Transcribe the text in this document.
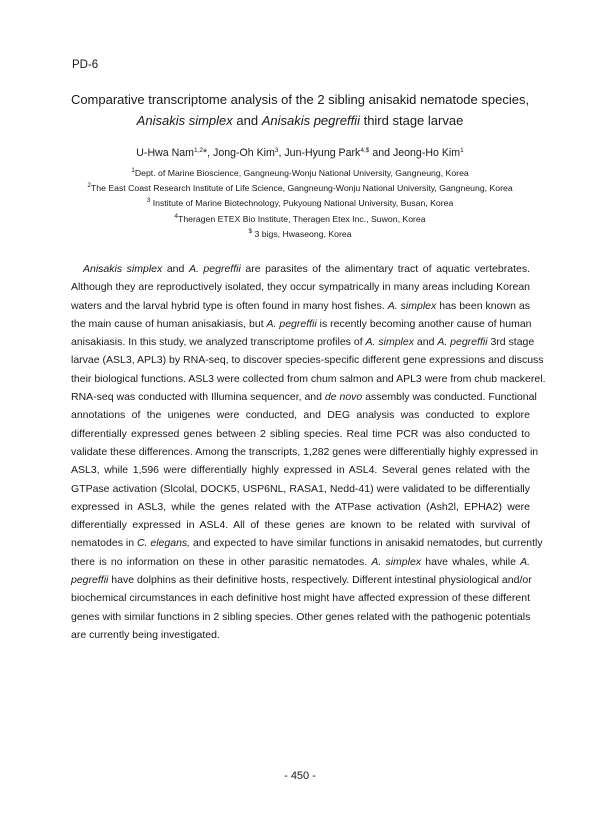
PD-6
Comparative transcriptome analysis of the 2 sibling anisakid nematode species,
Anisakis simplex and Anisakis pegreffii third stage larvae
U-Hwa Nam$^{1,2}$*, Jong-Oh Kim$^3$, Jun-Hyung Park$^{4,\$}$ and Jeong-Ho Kim$^1$
$^1$Dept. of Marine Bioscience, Gangneung-Wonju National University, Gangneung, Korea
$^2$The East Coast Research Institute of Life Science, Gangneung-Wonju National University, Gangneung, Korea
$^3$ Institute of Marine Biotechnology, Pukyoung National University, Busan, Korea
$^4$Theragen ETEX Bio Institute, Theragen Etex Inc., Suwon, Korea
$ 3 bigs, Hwaseong, Korea
Anisakis simplex and A. pegreffii are parasites of the alimentary tract of aquatic vertebrates.
Although they are reproductively isolated, they occur sympatrically in many areas including Korean
waters and the larval hybrid type is often found in many host fishes. A. simplex has been known as
the main cause of human anisakiasis, but A. pegreffii is recently becoming another cause of human
anisakiasis. In this study, we analyzed transcriptome profiles of A. simplex and A. pegreffii 3rd stage
larvae (ASL3, APL3) by RNA-seq, to discover species-specific different gene expressions and discuss
their biological functions. ASL3 were collected from chum salmon and APL3 were from chub mackerel.
RNA-seq was conducted with Illumina sequencer, and de novo assembly was conducted. Functional
annotations of the unigenes were conducted, and DEG analysis was conducted to explore
differentially expressed genes between 2 sibling species. Real time PCR was also conducted to
validate these differences. Among the transcripts, 1,282 genes were differentially highly expressed in
ASL3, while 1,596 were differentially highly expressed in ASL4. Several genes related with the
GTPase activation (Slcolal, DOCK5, USP6NL, RASA1, Nedd-41) were validated to be differentially
expressed in ASL3, while the genes related with the ATPase activation (Ash2l, EPHA2) were
differentially expressed in ASL4. All of these genes are known to be related with survival of
nematodes in C. elegans, and expected to have similar functions in anisakid nematodes, but currently
there is no information on these in other parasitic nematodes. A. simplex have whales, while A.
pegreffii have dolphins as their definitive hosts, respectively. Different intestinal physiological and/or
biochemical circumstances in each definitive host might have affected expression of these different
genes with similar functions in 2 sibling species. Other genes related with the pathogenic potentials
are currently being investigated.
- 450 -
